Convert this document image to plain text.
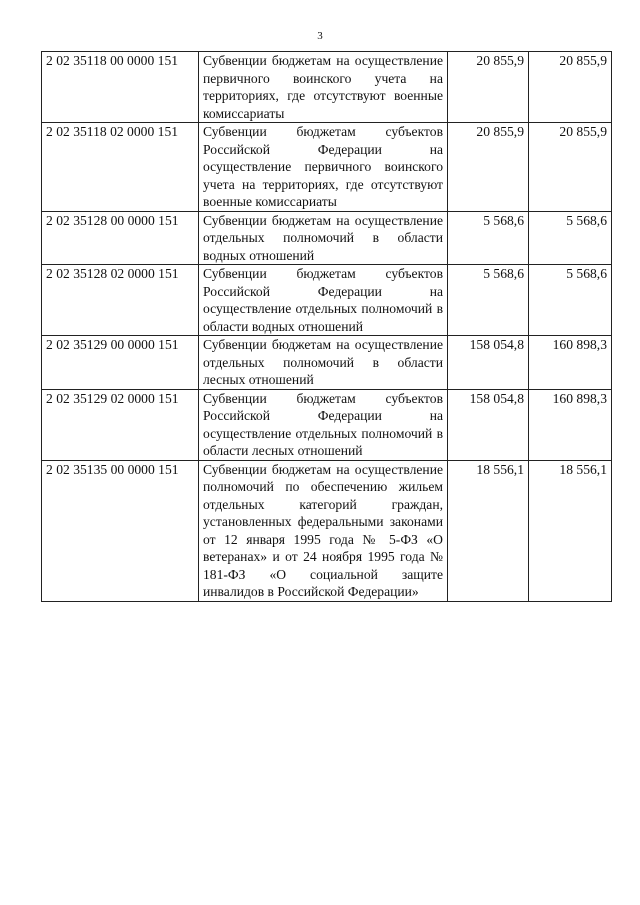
3
2 02 35118 00 0000 151	Субвенции бюджетам на осуществление первичного воинского учета на территориях, где отсутствуют военные комиссариаты	20 855,9	20 855,9
2 02 35118 02 0000 151	Субвенции бюджетам субъектов Российской Федерации на осуществление первичного воинского учета на территориях, где отсутствуют военные комиссариаты	20 855,9	20 855,9
2 02 35128 00 0000 151	Субвенции бюджетам на осуществление отдельных полномочий в области водных отношений	5 568,6	5 568,6
2 02 35128 02 0000 151	Субвенции бюджетам субъектов Российской Федерации на осуществление отдельных полномочий в области водных отношений	5 568,6	5 568,6
2 02 35129 00 0000 151	Субвенции бюджетам на осуществление отдельных полномочий в области лесных отношений	158 054,8	160 898,3
2 02 35129 02 0000 151	Субвенции бюджетам субъектов Российской Федерации на осуществление отдельных полномочий в области лесных отношений	158 054,8	160 898,3
2 02 35135 00 0000 151	Субвенции бюджетам на осуществление полномочий по обеспечению жильем отдельных категорий граждан, установленных федеральными законами от 12 января 1995 года № 5-ФЗ «О ветеранах» и от 24 ноября 1995 года № 181-ФЗ «О социальной защите инвалидов в Российской Федерации»	18 556,1	18 556,1
